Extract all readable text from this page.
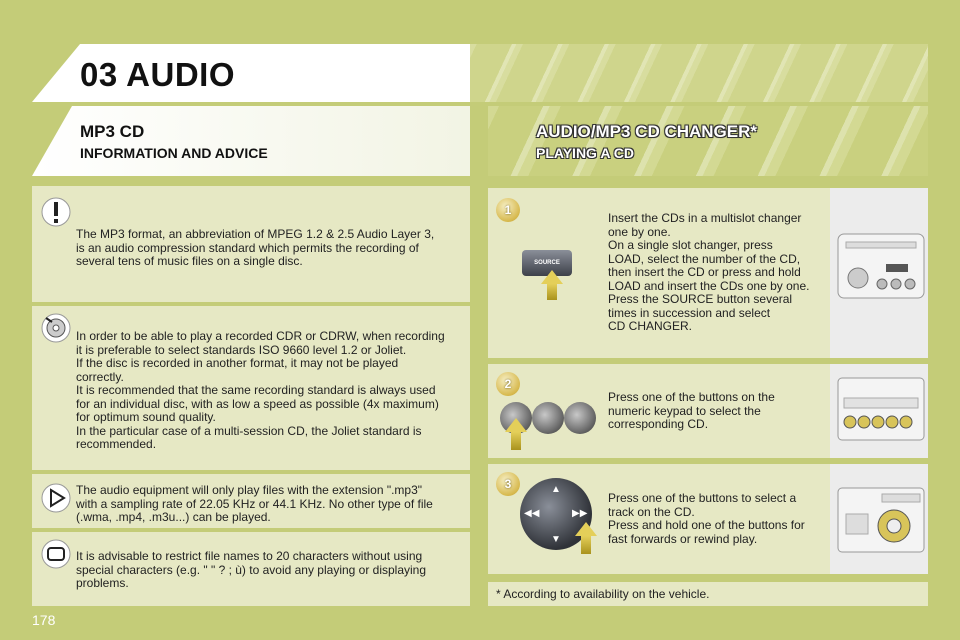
03 AUDIO
MP3 CD
INFORMATION AND ADVICE
AUDIO/MP3 CD CHANGER*
PLAYING A CD
The MP3 format, an abbreviation of MPEG 1.2 & 2.5 Audio Layer 3,
is an audio compression standard which permits the recording of
several tens of music files on a single disc.
In order to be able to play a recorded CDR or CDRW, when recording
it is preferable to select standards ISO 9660 level 1.2 or Joliet.
If the disc is recorded in another format, it may not be played
correctly.
It is recommended that the same recording standard is always used
for an individual disc, with as low a speed as possible (4x maximum)
for optimum sound quality.
In the particular case of a multi-session CD, the Joliet standard is
recommended.
The audio equipment will only play files with the extension ".mp3"
with a sampling rate of 22.05 KHz or 44.1 KHz. No other type of file
(.wma, .mp4, .m3u...) can be played.
It is advisable to restrict file names to 20 characters without using
special characters (e.g. " " ? ; ù) to avoid any playing or displaying
problems.
1
SOURCE
Insert the CDs in a multislot changer
one by one.
On a single slot changer, press
LOAD, select the number of the CD,
then insert the CD or press and hold
LOAD and insert the CDs one by one.
Press the SOURCE button several
times in succession and select
CD CHANGER.
2
Press one of the buttons on the
numeric keypad to select the
corresponding CD.
3	▲
▼
◀◀	▶▶
Press one of the buttons to select a
track on the CD.
Press and hold one of the buttons for
fast forwards or rewind play.
* According to availability on the vehicle.
178
